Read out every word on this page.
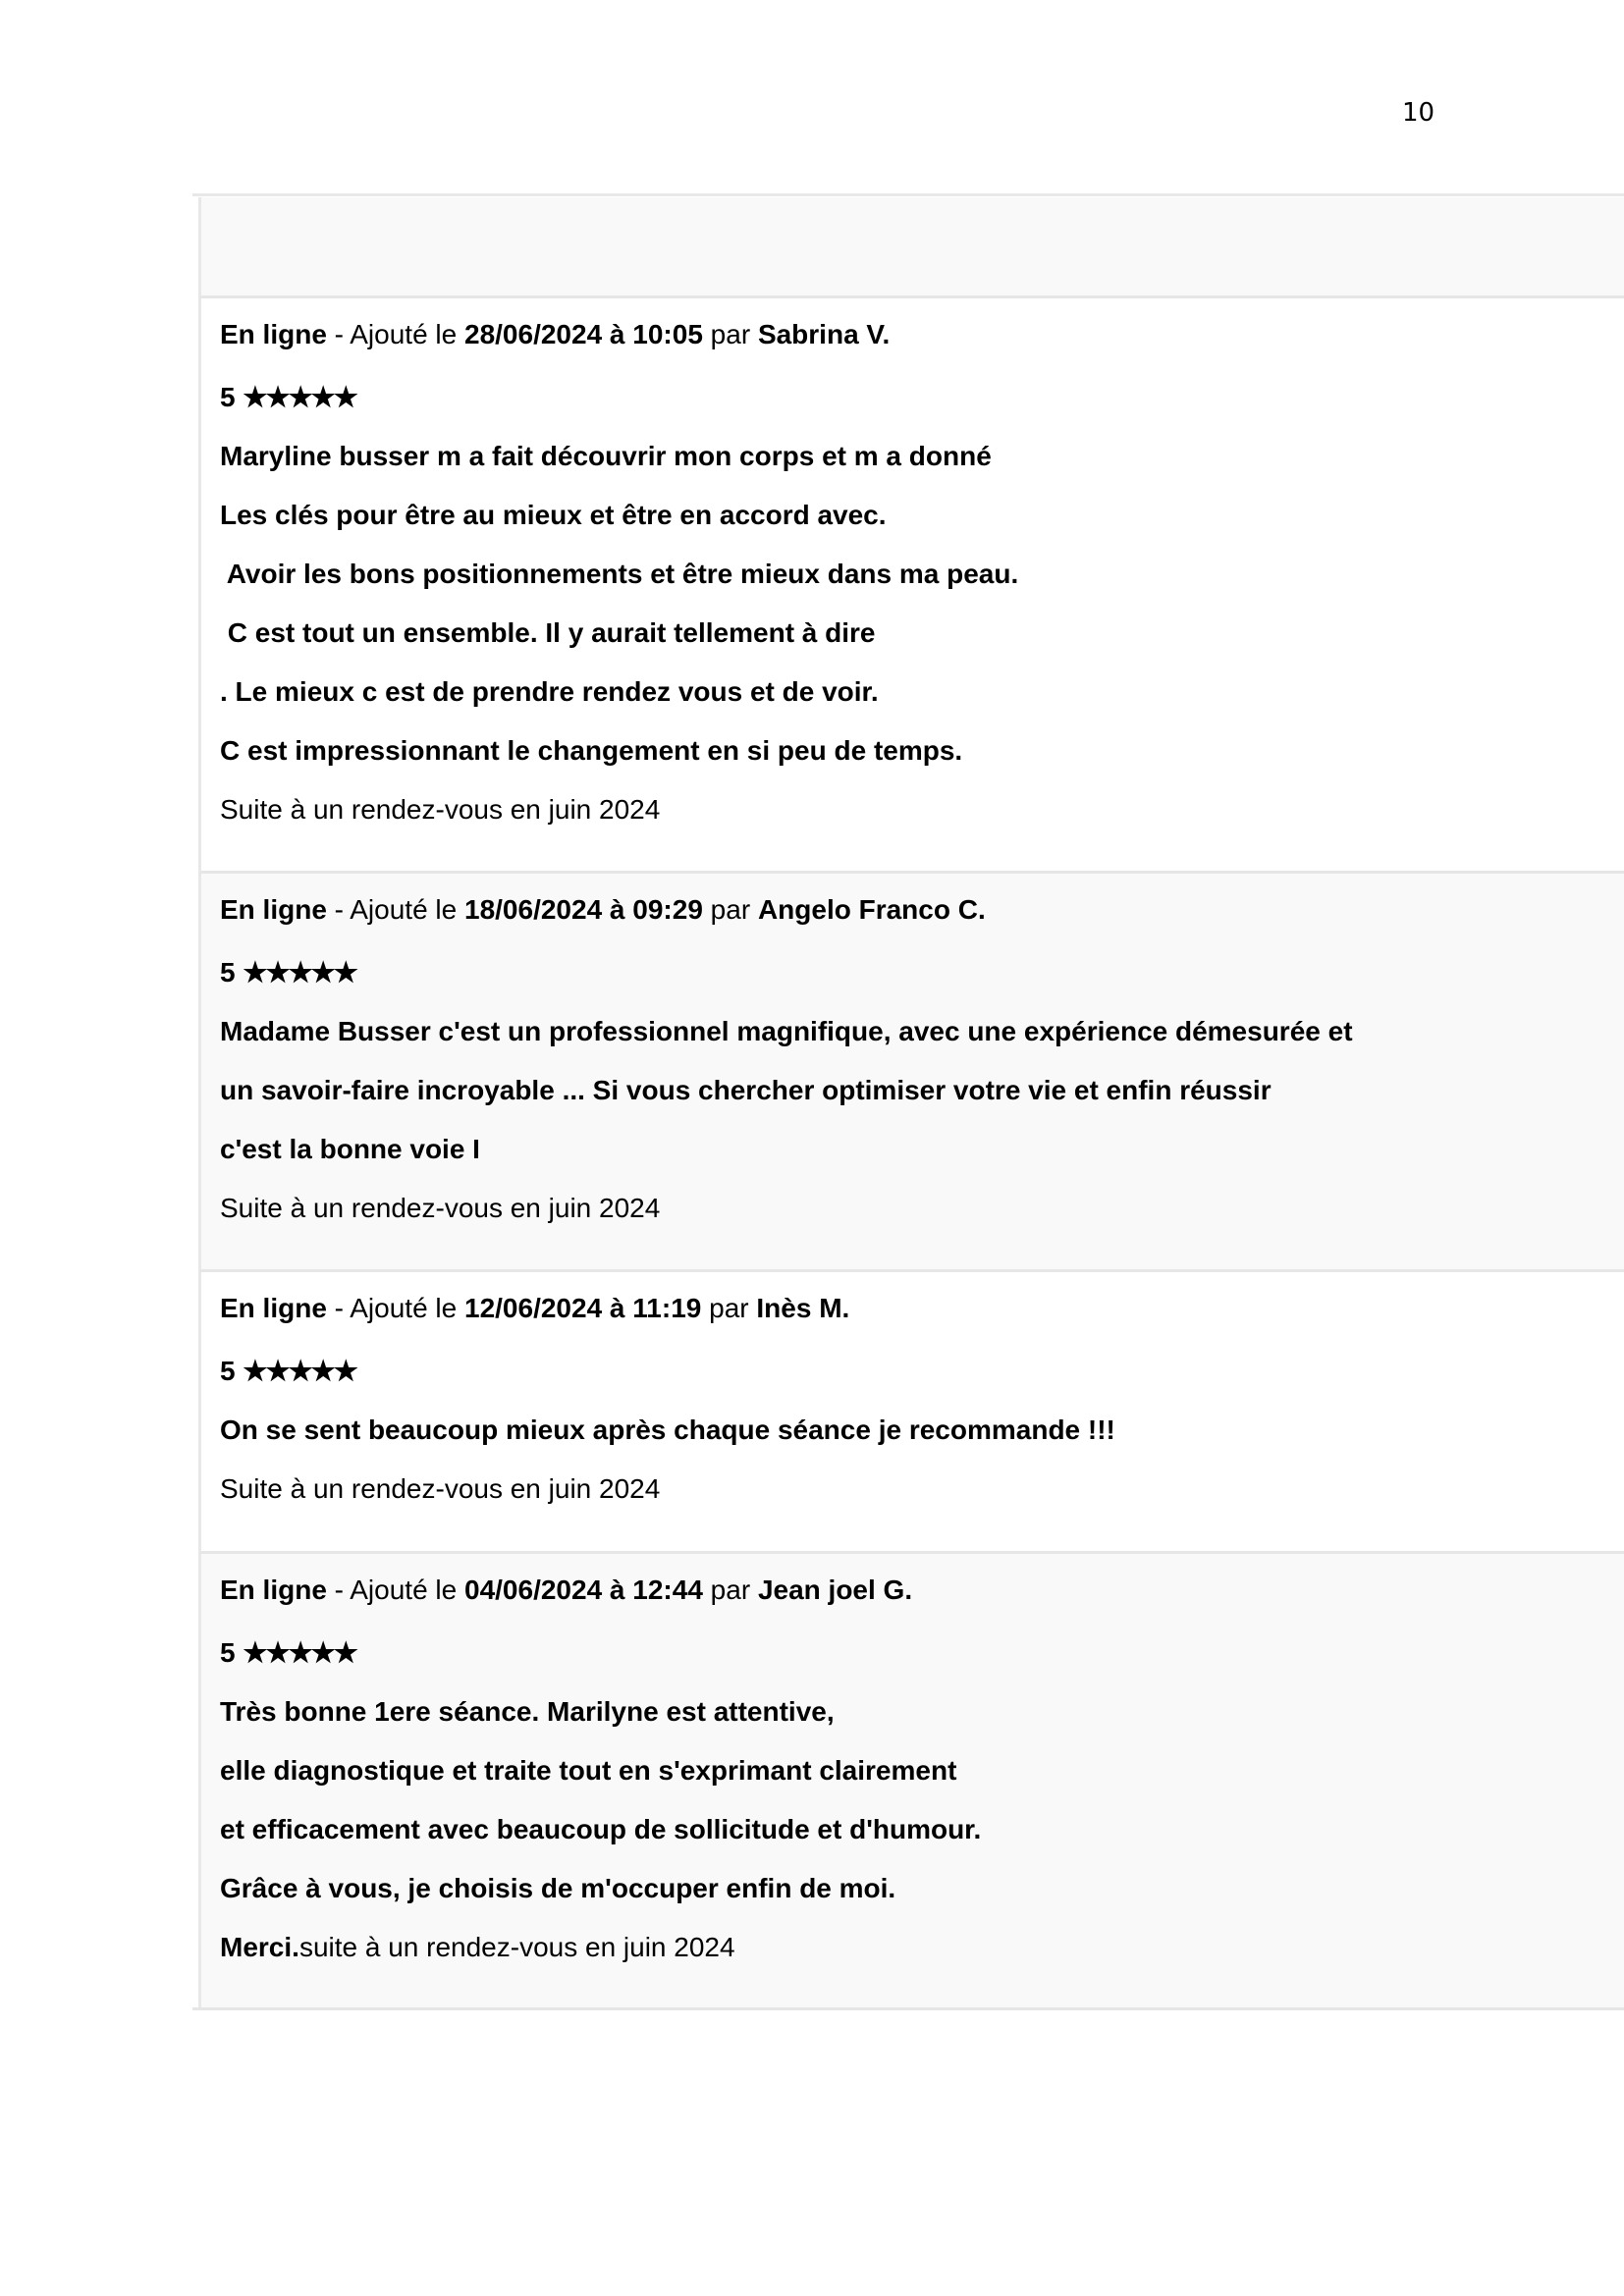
10
En ligne - Ajouté le 28/06/2024 à 10:05 par Sabrina V.
5 ★★★★★
Maryline busser m a fait découvrir mon corps et m a donné
Les clés pour être au mieux et être en accord avec.
Avoir les bons positionnements et être mieux dans ma peau.
C est tout un ensemble. Il y aurait tellement à dire
. Le mieux c est de prendre rendez vous et de voir.
C est impressionnant le changement en si peu de temps.
Suite à un rendez-vous en juin 2024
En ligne - Ajouté le 18/06/2024 à 09:29 par Angelo Franco C.
5 ★★★★★
Madame Busser c'est un professionnel magnifique, avec une expérience démesurée et
un savoir-faire incroyable ... Si vous chercher optimiser votre vie et enfin réussir
c'est la bonne voie I
Suite à un rendez-vous en juin 2024
En ligne - Ajouté le 12/06/2024 à 11:19 par Inès M.
5 ★★★★★
On se sent beaucoup mieux après chaque séance je recommande !!!
Suite à un rendez-vous en juin 2024
En ligne - Ajouté le 04/06/2024 à 12:44 par Jean joel G.
5 ★★★★★
Très bonne 1ere séance. Marilyne est attentive,
elle diagnostique et traite tout en s'exprimant clairement
et efficacement avec beaucoup de sollicitude et d'humour.
Grâce à vous, je choisis de m'occuper enfin de moi.
Merci.suite à un rendez-vous en juin 2024
